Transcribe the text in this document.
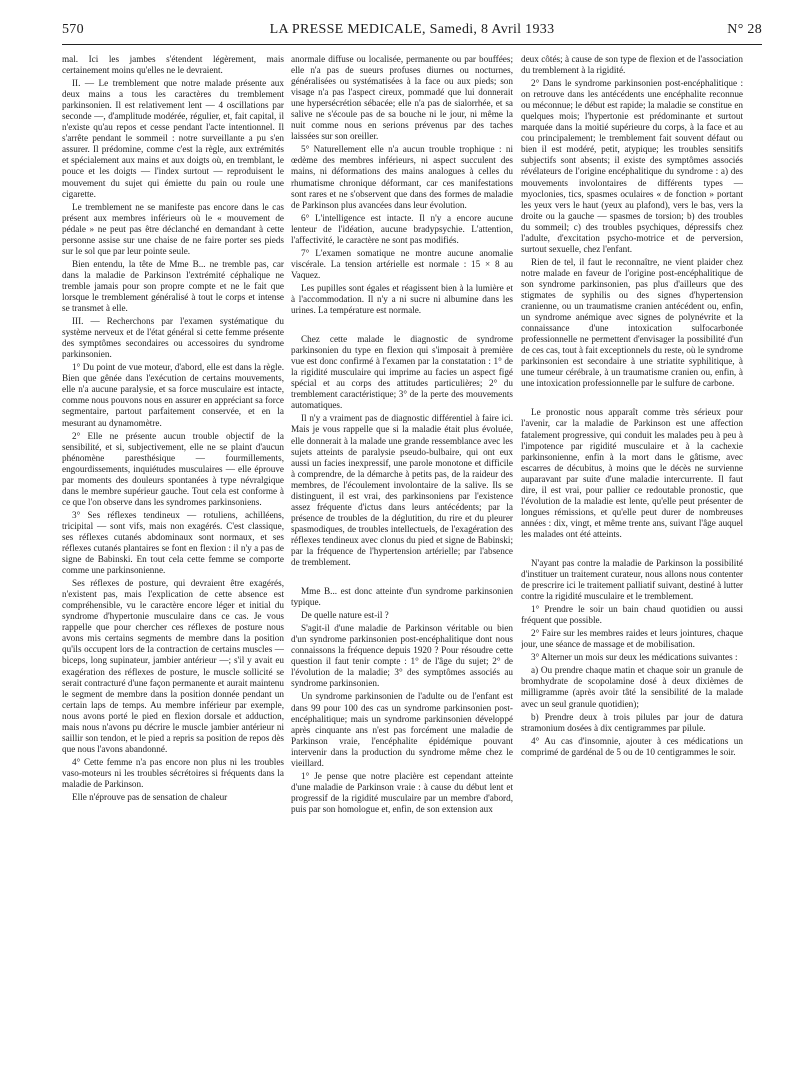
570	LA PRESSE MEDICALE, Samedi, 8 Avril 1933	N° 28

mal. Ici les jambes s'étendent légèrement, mais certainement moins qu'elles ne le devraient.

II. — Le tremblement que notre malade présente aux deux mains a tous les caractères du tremblement parkinsonien. Il est relativement lent — 4 oscillations par seconde —, d'amplitude modérée, régulier, et, fait capital, il n'existe qu'au repos et cesse pendant l'acte intentionnel. Il s'arrête pendant le sommeil : notre surveillante a pu s'en assurer. Il prédomine, comme c'est la règle, aux extrémités et spécialement aux mains et aux doigts où, en tremblant, le pouce et les doigts — l'index surtout — reproduisent le mouvement du sujet qui émiette du pain ou roule une cigarette.

Le tremblement ne se manifeste pas encore dans le cas présent aux membres inférieurs où le « mouvement de pédale » ne peut pas être déclanché en demandant à cette personne assise sur une chaise de ne faire porter ses pieds sur le sol que par leur pointe seule.

Bien entendu, la tête de Mme B... ne tremble pas, car dans la maladie de Parkinson l'extrémité céphalique ne tremble jamais pour son propre compte et ne le fait que lorsque le tremblement généralisé à tout le corps et intense se transmet à elle.

III. — Recherchons par l'examen systématique du système nerveux et de l'état général si cette femme présente des symptômes secondaires ou accessoires du syndrome parkinsonien.

1° Du point de vue moteur, d'abord, elle est dans la règle. Bien que gênée dans l'exécution de certains mouvements, elle n'a aucune paralysie, et sa force musculaire est intacte, comme nous pouvons nous en assurer en appréciant sa force segmentaire, partout parfaitement conservée, et en la mesurant au dynamomètre.

2° Elle ne présente aucun trouble objectif de la sensibilité, et si, subjectivement, elle ne se plaint d'aucun phénomène paresthésique — fourmillements, engourdissements, inquiétudes musculaires — elle éprouve par moments des douleurs spontanées à type névralgique dans le membre supérieur gauche. Tout cela est conforme à ce que l'on observe dans les syndromes parkinsoniens.

3° Ses réflexes tendineux — rotuliens, achilléens, tricipital — sont vifs, mais non exagérés. C'est classique, ses réflexes cutanés abdominaux sont normaux, et ses réflexes cutanés plantaires se font en flexion : il n'y a pas de signe de Babinski. En tout cela cette femme se comporte comme une parkinsonienne.

Ses réflexes de posture, qui devraient être exagérés, n'existent pas, mais l'explication de cette absence est compréhensible, vu le caractère encore léger et initial du syndrome d'hypertonie musculaire dans ce cas. Je vous rappelle que pour chercher ces réflexes de posture nous avons mis certains segments de membre dans la position qu'ils occupent lors de la contraction de certains muscles — biceps, long supinateur, jambier antérieur —; s'il y avait eu exagération des réflexes de posture, le muscle sollicité se serait contracturé d'une façon permanente et aurait maintenu le segment de membre dans la position donnée pendant un certain laps de temps. Au membre inférieur par exemple, nous avons porté le pied en flexion dorsale et adduction, mais nous n'avons pu décrire le muscle jambier antérieur ni saillir son tendon, et le pied a repris sa position de repos dès que nous l'avons abandonné.

4° Cette femme n'a pas encore non plus ni les troubles vaso-moteurs ni les troubles sécrétoires si fréquents dans la maladie de Parkinson.

Elle n'éprouve pas de sensation de chaleur

anormale diffuse ou localisée, permanente ou par bouffées; elle n'a pas de sueurs profuses diurnes ou nocturnes, généralisées ou systématisées à la face ou aux pieds; son visage n'a pas l'aspect cireux, pommadé que lui donnerait une hypersécrétion sébacée; elle n'a pas de sialorrhée, et sa salive ne s'écoule pas de sa bouche ni le jour, ni même la nuit comme nous en serions prévenus par des taches laissées sur son oreiller.

5° Naturellement elle n'a aucun trouble trophique : ni œdème des membres inférieurs, ni aspect succulent des mains, ni déformations des mains analogues à celles du rhumatisme chronique déformant, car ces manifestations sont rares et ne s'observent que dans des formes de maladie de Parkinson plus avancées dans leur évolution.

6° L'intelligence est intacte. Il n'y a encore aucune lenteur de l'idéation, aucune bradypsychie. L'attention, l'affectivité, le caractère ne sont pas modifiés.

7° L'examen somatique ne montre aucune anomalie viscérale. La tension artérielle est normale : 15 × 8 au Vaquez.

Les pupilles sont égales et réagissent bien à la lumière et à l'accommodation. Il n'y a ni sucre ni albumine dans les urines. La température est normale.

Chez cette malade le diagnostic de syndrome parkinsonien du type en flexion qui s'imposait à première vue est donc confirmé à l'examen par la constatation : 1° de la rigidité musculaire qui imprime au facies un aspect figé spécial et au corps des attitudes particulières; 2° du tremblement caractéristique; 3° de la perte des mouvements automatiques.

Il n'y a vraiment pas de diagnostic différentiel à faire ici. Mais je vous rappelle que si la maladie était plus évoluée, elle donnerait à la malade une grande ressemblance avec les sujets atteints de paralysie pseudo-bulbaire, qui ont eux aussi un facies inexpressif, une parole monotone et difficile à comprendre, de la démarche à petits pas, de la raideur des membres, de l'écoulement involontaire de la salive. Ils se distinguent, il est vrai, des parkinsoniens par l'existence assez fréquente d'ictus dans leurs antécédents; par la présence de troubles de la déglutition, du rire et du pleurer spasmodiques, de troubles intellectuels, de l'exagération des réflexes tendineux avec clonus du pied et signe de Babinski; par la fréquence de l'hypertension artérielle; par l'absence de tremblement.

Mme B... est donc atteinte d'un syndrome parkinsonien typique.

De quelle nature est-il ?

S'agit-il d'une maladie de Parkinson véritable ou bien d'un syndrome parkinsonien post-encéphalitique dont nous connaissons la fréquence depuis 1920 ? Pour résoudre cette question il faut tenir compte : 1° de l'âge du sujet; 2° de l'évolution de la maladie; 3° des symptômes associés au syndrome parkinsonien.

Un syndrome parkinsonien de l'adulte ou de l'enfant est dans 99 pour 100 des cas un syndrome parkinsonien post-encéphalitique; mais un syndrome parkinsonien développé après cinquante ans n'est pas forcément une maladie de Parkinson vraie, l'encéphalite épidémique pouvant intervenir dans la production du syndrome même chez le vieillard.

1° Je pense que notre placière est cependant atteinte d'une maladie de Parkinson vraie : à cause du début lent et progressif de la rigidité musculaire par un membre d'abord, puis par son homologue et, enfin, de son extension aux

deux côtés; à cause de son type de flexion et de l'association du tremblement à la rigidité.

2° Dans le syndrome parkinsonien post-encéphalitique : on retrouve dans les antécédents une encéphalite reconnue ou méconnue; le début est rapide; la maladie se constitue en quelques mois; l'hypertonie est prédominante et surtout marquée dans la moitié supérieure du corps, à la face et au cou principalement; le tremblement fait souvent défaut ou bien il est modéré, petit, atypique; les troubles sensitifs subjectifs sont absents; il existe des symptômes associés révélateurs de l'origine encéphalitique du syndrome : a) des mouvements involontaires de différents types — myoclonies, tics, spasmes oculaires « de fonction » portant les yeux vers le haut (yeux au plafond), vers le bas, vers la droite ou la gauche — spasmes de torsion; b) des troubles du sommeil; c) des troubles psychiques, dépressifs chez l'adulte, d'excitation psycho-motrice et de perversion, surtout sexuelle, chez l'enfant.

Rien de tel, il faut le reconnaître, ne vient plaider chez notre malade en faveur de l'origine post-encéphalitique de son syndrome parkinsonien, pas plus d'ailleurs que des stigmates de syphilis ou des signes d'hypertension cranienne, ou un traumatisme cranien antécédent ou, enfin, un syndrome anémique avec signes de polynévrite et la connaissance d'une intoxication sulfocarbonée professionnelle ne permettent d'envisager la possibilité d'un de ces cas, tout à fait exceptionnels du reste, où le syndrome parkinsonien est secondaire à une striatite syphilitique, à une tumeur cérébrale, à un traumatisme cranien ou, enfin, à une intoxication professionnelle par le sulfure de carbone.

Le pronostic nous apparaît comme très sérieux pour l'avenir, car la maladie de Parkinson est une affection fatalement progressive, qui conduit les malades peu à peu à l'impotence par rigidité musculaire et à la cachexie parkinsonienne, enfin à la mort dans le gâtisme, avec escarres de décubitus, à moins que le décès ne survienne auparavant par suite d'une maladie intercurrente. Il faut dire, il est vrai, pour pallier ce redoutable pronostic, que l'évolution de la maladie est lente, qu'elle peut présenter de longues rémissions, et qu'elle peut durer de nombreuses années : dix, vingt, et même trente ans, suivant l'âge auquel les malades ont été atteints.

N'ayant pas contre la maladie de Parkinson la possibilité d'instituer un traitement curateur, nous allons nous contenter de prescrire ici le traitement palliatif suivant, destiné à lutter contre la rigidité musculaire et le tremblement.

1° Prendre le soir un bain chaud quotidien ou aussi fréquent que possible.

2° Faire sur les membres raides et leurs jointures, chaque jour, une séance de massage et de mobilisation.

3° Alterner un mois sur deux les médications suivantes :

a) Ou prendre chaque matin et chaque soir un granule de bromhydrate de scopolamine dosé à deux dixièmes de milligramme (après avoir tâté la sensibilité de la malade avec un seul granule quotidien);

b) Prendre deux à trois pilules par jour de datura stramonium dosées à dix centigrammes par pilule.

4° Au cas d'insomnie, ajouter à ces médications un comprimé de gardénal de 5 ou de 10 centigrammes le soir.
